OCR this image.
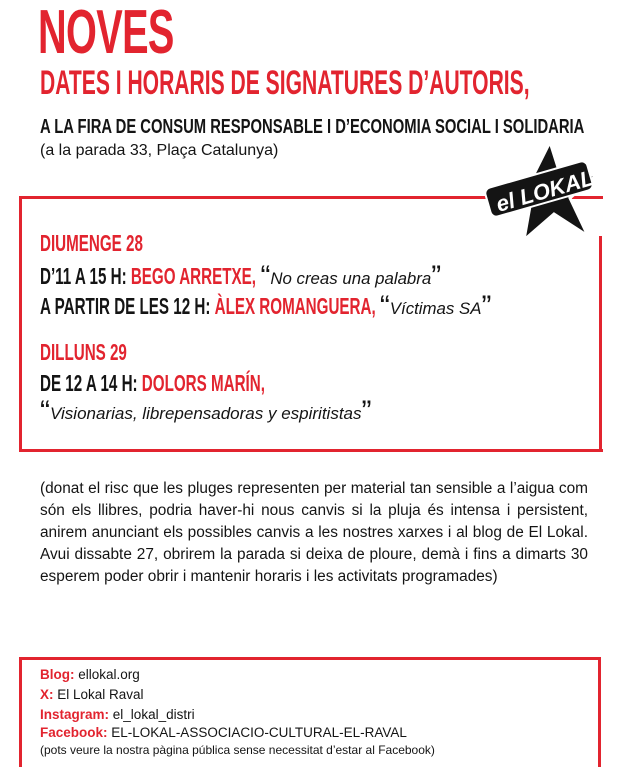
NOVES
DATES I HORARIS DE SIGNATURES D’AUTORIS,
A LA FIRA DE CONSUM RESPONSABLE I D’ECONOMIA SOCIAL I SOLIDARIA
(a la parada 33, Plaça Catalunya)
el LOKAL
DIUMENGE 28
D’11 A 15 H: BEGO ARRETXE, “No creas una palabra”
A PARTIR DE LES 12 H: ÀLEX ROMANGUERA, “Víctimas SA”
DILLUNS 29
DE 12 A 14 H: DOLORS MARÍN,
“Visionarias, librepensadoras y espiritistas”
(donat el risc que les pluges representen per material tan sensible a l’aigua com són els llibres, podria haver-hi nous canvis si la pluja és intensa i persistent, anirem anunciant els possibles canvis a les nostres xarxes i al blog de El Lokal. Avui dissabte 27, obrirem la parada si deixa de ploure, demà i fins a dimarts 30 esperem poder obrir i mantenir horaris i les activitats programades)
Blog: ellokal.org
X: El Lokal Raval
Instagram: el_lokal_distri
Facebook: EL-LOKAL-ASSOCIACIO-CULTURAL-EL-RAVAL
(pots veure la nostra pàgina pública sense necessitat d’estar al Facebook)
